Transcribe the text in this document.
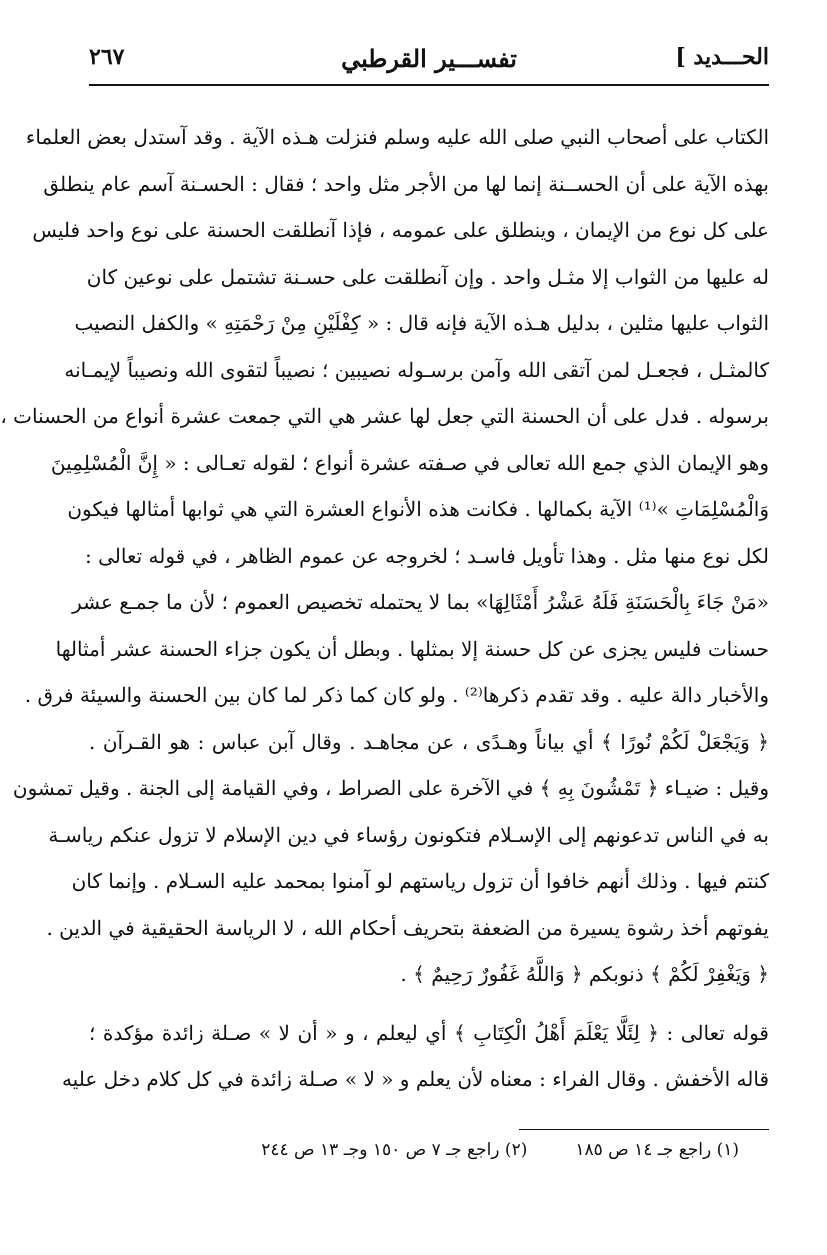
الحـــديد ]
تفســـير القرطبي
٢٦٧
الكتاب على أصحاب النبي صلى الله عليه وسلم فنزلت هـذه الآية . وقد آستدل بعض العلماء
بهذه الآية على أن الحســنة إنما لها من الأجر مثل واحد ؛ فقال : الحسـنة آسم عام ينطلق
على كل نوع من الإيمان ، وينطلق على عمومه ، فإذا آنطلقت الحسنة على نوع واحد فليس
له عليها من الثواب إلا مثـل واحد . وإن آنطلقت على حسـنة تشتمل على نوعين كان
الثواب عليها مثلين ، بدليل هـذه الآية فإنه قال : « كِفْلَيْنِ مِنْ رَحْمَتِهِ » والكفل النصيب
كالمثـل ، فجعـل لمن آتقى الله وآمن برسـوله نصيبين ؛ نصيباً لتقوى الله ونصيباً لإيمـانه
برسوله . فدل على أن الحسنة التي جعل لها عشر هي التي جمعت عشرة أنواع من الحسنات ،
وهو الإيمان الذي جمع الله تعالى في صـفته عشرة أنواع ؛ لقوله تعـالى : « إِنَّ الْمُسْلِمِينَ
وَالْمُسْلِمَاتِ »⁽¹⁾ الآية بكمالها . فكانت هذه الأنواع العشرة التي هي ثوابها أمثالها فيكون
لكل نوع منها مثل . وهذا تأويل فاسـد ؛ لخروجه عن عموم الظاهر ، في قوله تعالى :
«مَنْ جَاءَ بِالْحَسَنَةِ فَلَهُ عَشْرُ أَمْثَالِهَا» بما لا يحتمله تخصيص العموم ؛ لأن ما جمـع عشر
حسنات فليس يجزى عن كل حسنة إلا بمثلها . وبطل أن يكون جزاء الحسنة عشر أمثالها
والأخبار دالة عليه . وقد تقدم ذكرها⁽²⁾ . ولو كان كما ذكر لما كان بين الحسنة والسيئة فرق .
﴿ وَيَجْعَلْ لَكُمْ نُورًا ﴾ أي بياناً وهـدًى ، عن مجاهـد . وقال آبن عباس : هو القـرآن .
وقيل : ضيـاء ﴿ تَمْشُونَ بِهِ ﴾ في الآخرة على الصراط ، وفي القيامة إلى الجنة . وقيل تمشون
به في الناس تدعونهم إلى الإسـلام فتكونون رؤساء في دين الإسلام لا تزول عنكم رياسـة
كنتم فيها . وذلك أنهم خافوا أن تزول رياستهم لو آمنوا بمحمد عليه السـلام . وإنما كان
يفوتهم أخذ رشوة يسيرة من الضعفة بتحريف أحكام الله ، لا الرياسة الحقيقية في الدين .
﴿ وَيَغْفِرْ لَكُمْ ﴾ ذنوبكم ﴿ وَاللَّهُ غَفُورٌ رَحِيمٌ ﴾ .
قوله تعالى : ﴿ لِئَلَّا يَعْلَمَ أَهْلُ الْكِتَابِ ﴾ أي ليعلم ، و « أن لا » صـلة زائدة مؤكدة ؛
قاله الأخفش . وقال الفراء : معناه لأن يعلم و « لا » صـلة زائدة في كل كلام دخل عليه
(١) راجع جـ ١٤ ص ١٨٥
(٢) راجع جـ ٧ ص ١٥٠ وجـ ١٣ ص ٢٤٤
